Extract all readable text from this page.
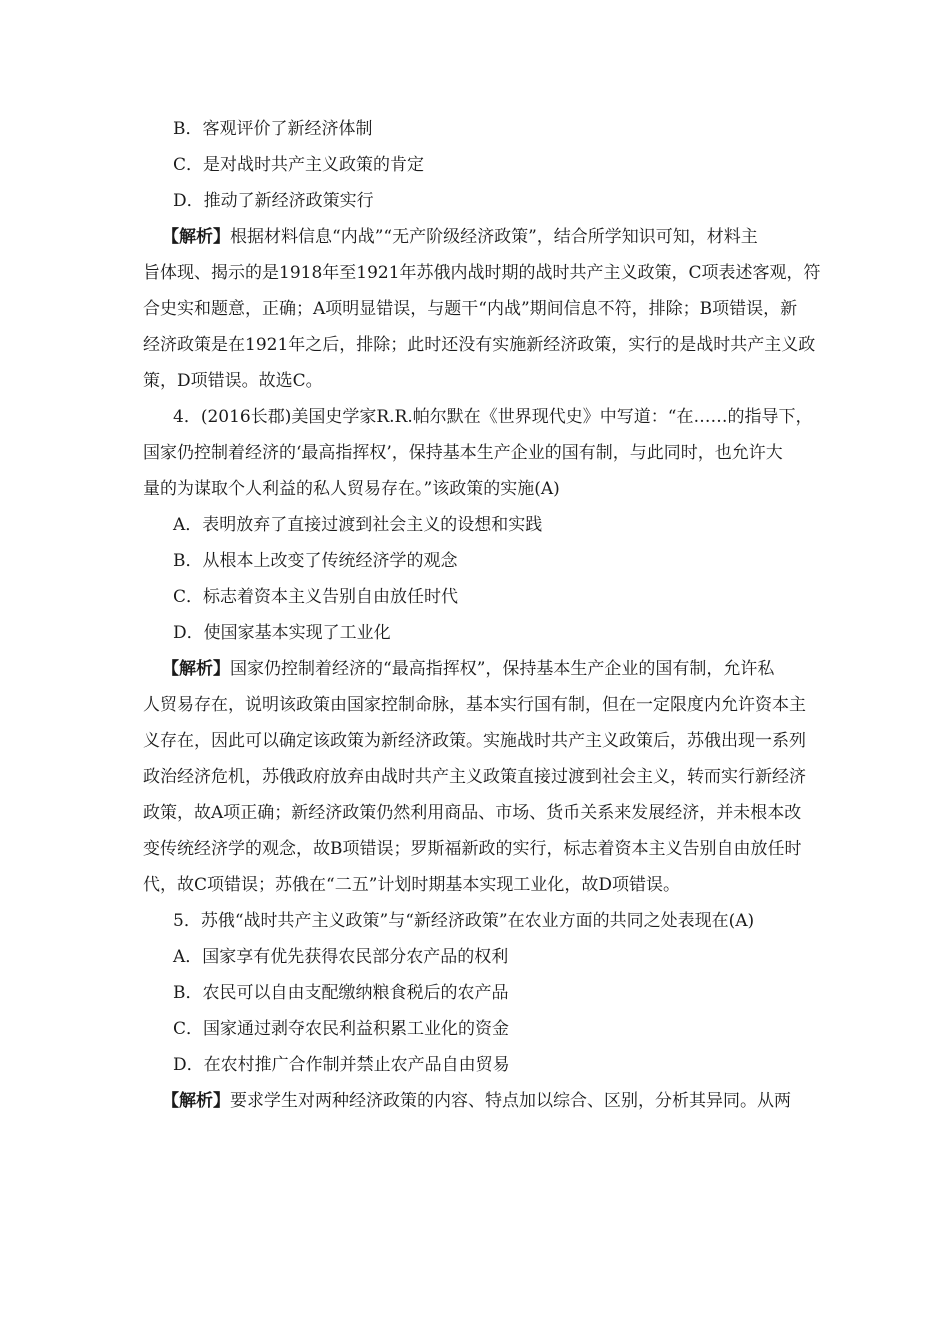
B．客观评价了新经济体制
C．是对战时共产主义政策的肯定
D．推动了新经济政策实行
【解析】根据材料信息“内战”“无产阶级经济政策”，结合所学知识可知，材料主
旨体现、揭示的是1918年至1921年苏俄内战时期的战时共产主义政策，C项表述客观，符
合史实和题意，正确；A项明显错误，与题干“内战”期间信息不符，排除；B项错误，新
经济政策是在1921年之后，排除；此时还没有实施新经济政策，实行的是战时共产主义政
策，D项错误。故选C。
4．(2016长郡)美国史学家R.R.帕尔默在《世界现代史》中写道：“在……的指导下，
国家仍控制着经济的‘最高指挥权’，保持基本生产企业的国有制，与此同时，也允许大
量的为谋取个人利益的私人贸易存在。”该政策的实施(A)
A．表明放弃了直接过渡到社会主义的设想和实践
B．从根本上改变了传统经济学的观念
C．标志着资本主义告别自由放任时代
D．使国家基本实现了工业化
【解析】国家仍控制着经济的“最高指挥权”，保持基本生产企业的国有制，允许私
人贸易存在，说明该政策由国家控制命脉，基本实行国有制，但在一定限度内允许资本主
义存在，因此可以确定该政策为新经济政策。实施战时共产主义政策后，苏俄出现一系列
政治经济危机，苏俄政府放弃由战时共产主义政策直接过渡到社会主义，转而实行新经济
政策，故A项正确；新经济政策仍然利用商品、市场、货币关系来发展经济，并未根本改
变传统经济学的观念，故B项错误；罗斯福新政的实行，标志着资本主义告别自由放任时
代，故C项错误；苏俄在“二五”计划时期基本实现工业化，故D项错误。
5．苏俄“战时共产主义政策”与“新经济政策”在农业方面的共同之处表现在(A)
A．国家享有优先获得农民部分农产品的权利
B．农民可以自由支配缴纳粮食税后的农产品
C．国家通过剥夺农民利益积累工业化的资金
D．在农村推广合作制并禁止农产品自由贸易
【解析】要求学生对两种经济政策的内容、特点加以综合、区别，分析其异同。从两
